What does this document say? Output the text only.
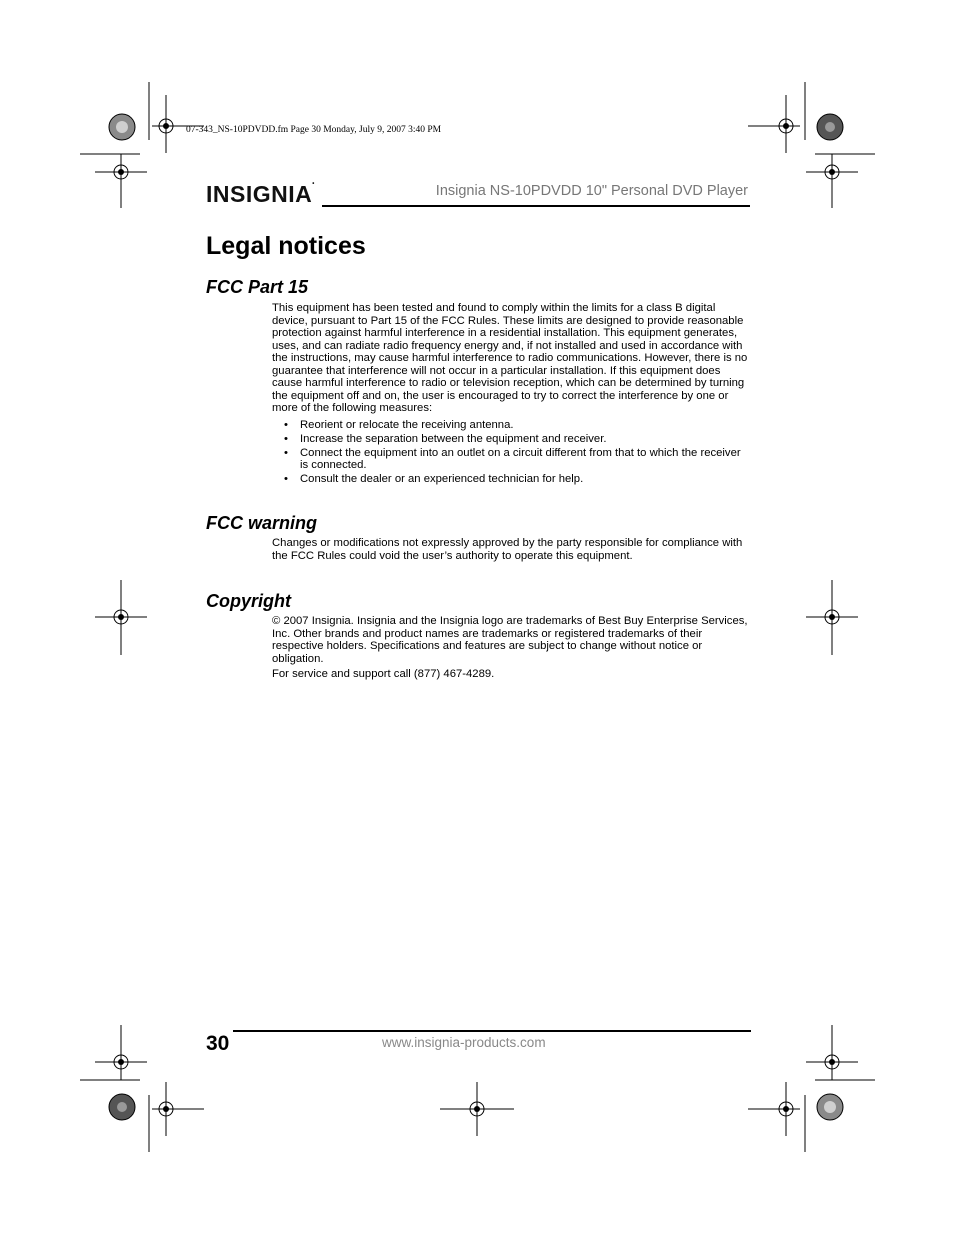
07-343_NS-10PDVDD.fm Page 30 Monday, July 9, 2007 3:40 PM
INSIGNIA•	Insignia NS-10PDVDD 10" Personal DVD Player
Legal notices
FCC Part 15

This equipment has been tested and found to comply within the limits for a class B digital device, pursuant to Part 15 of the FCC Rules. These limits are designed to provide reasonable protection against harmful interference in a residential installation. This equipment generates, uses, and can radiate radio frequency energy and, if not installed and used in accordance with the instructions, may cause harmful interference to radio communications. However, there is no guarantee that interference will not occur in a particular installation. If this equipment does cause harmful interference to radio or television reception, which can be determined by turning the equipment off and on, the user is encouraged to try to correct the interference by one or more of the following measures:

• Reorient or relocate the receiving antenna.
• Increase the separation between the equipment and receiver.
• Connect the equipment into an outlet on a circuit different from that to which the receiver is connected.
• Consult the dealer or an experienced technician for help.
FCC warning

Changes or modifications not expressly approved by the party responsible for compliance with the FCC Rules could void the user’s authority to operate this equipment.

Copyright

© 2007 Insignia. Insignia and the Insignia logo are trademarks of Best Buy Enterprise Services, Inc. Other brands and product names are trademarks or registered trademarks of their respective holders. Specifications and features are subject to change without notice or obligation.

For service and support call (877) 467-4289.

30	www.insignia-products.com
